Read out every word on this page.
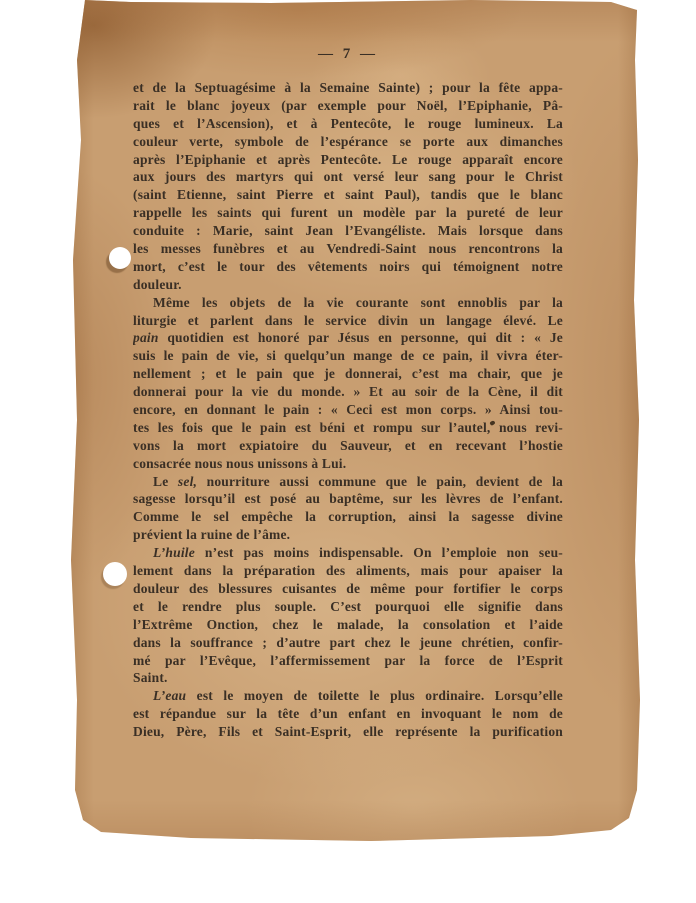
— 7 —
et de la Septuagésime à la Semaine Sainte) ; pour la fête appa-
rait le blanc joyeux (par exemple pour Noël, l’Epiphanie, Pâ-
ques et l’Ascension), et à Pentecôte, le rouge lumineux. La
couleur verte, symbole de l’espérance se porte aux dimanches
après l’Epiphanie et après Pentecôte. Le rouge apparaît encore
aux jours des martyrs qui ont versé leur sang pour le Christ
(saint Etienne, saint Pierre et saint Paul), tandis que le blanc
rappelle les saints qui furent un modèle par la pureté de leur
conduite : Marie, saint Jean l’Evangéliste. Mais lorsque dans
les messes funèbres et au Vendredi-Saint nous rencontrons la
mort, c’est le tour des vêtements noirs qui témoignent notre
douleur.
Même les objets de la vie courante sont ennoblis par la
liturgie et parlent dans le service divin un langage élevé. Le
pain quotidien est honoré par Jésus en personne, qui dit : « Je
suis le pain de vie, si quelqu’un mange de ce pain, il vivra éter-
nellement ; et le pain que je donnerai, c’est ma chair, que je
donnerai pour la vie du monde. » Et au soir de la Cène, il dit
encore, en donnant le pain : « Ceci est mon corps. » Ainsi tou-
tes les fois que le pain est béni et rompu sur l’autel, nous revi-
vons la mort expiatoire du Sauveur, et en recevant l’hostie
consacrée nous nous unissons à Lui.
Le sel, nourriture aussi commune que le pain, devient de la
sagesse lorsqu’il est posé au baptême, sur les lèvres de l’enfant.
Comme le sel empêche la corruption, ainsi la sagesse divine
prévient la ruine de l’âme.
L’huile n’est pas moins indispensable. On l’emploie non seu-
lement dans la préparation des aliments, mais pour apaiser la
douleur des blessures cuisantes de même pour fortifier le corps
et le rendre plus souple. C’est pourquoi elle signifie dans
l’Extrême Onction, chez le malade, la consolation et l’aide
dans la souffrance ; d’autre part chez le jeune chrétien, confir-
mé par l’Evêque, l’affermissement par la force de l’Esprit
Saint.
L’eau est le moyen de toilette le plus ordinaire. Lorsqu’elle
est répandue sur la tête d’un enfant en invoquant le nom de
Dieu, Père, Fils et Saint-Esprit, elle représente la purification
